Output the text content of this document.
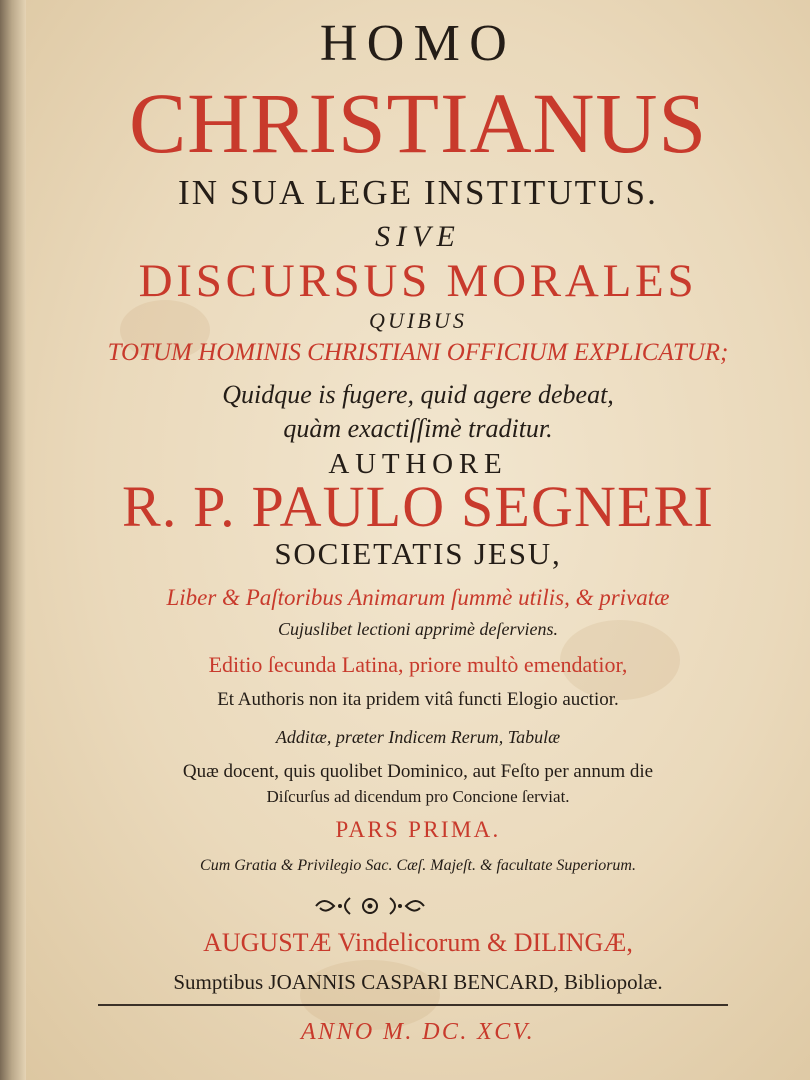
HOMO
CHRISTIANUS
IN SUA LEGE INSTITUTUS.
SIVE
DISCURSUS MORALES
QUIBUS
TOTUM HOMINIS CHRISTIANI OFFICIUM EXPLICATUR;
Quidque is fugere, quid agere debeat,
quàm exactiſſimè traditur.
AUTHORE
R. P. PAULO SEGNERI
SOCIETATIS JESU,
Liber & Paſtoribus Animarum ſummè utilis, & privatæ
Cujuslibet lectioni apprimè deſerviens.
Editio ſecunda Latina, priore multò emendatior,
Et Authoris non ita pridem vitâ functi Elogio auctior.
Additæ, præter Indicem Rerum, Tabulæ
Quæ docent, quis quolibet Dominico, aut Feſto per annum die
Diſcurſus ad dicendum pro Concione ſerviat.
PARS PRIMA.
Cum Gratia & Privilegio Sac. Cæſ. Majeſt. & facultate Superiorum.
AUGUSTÆ Vindelicorum & DILINGÆ,
Sumptibus JOANNIS CASPARI BENCARD, Bibliopolæ.
ANNO M. DC. XCV.
